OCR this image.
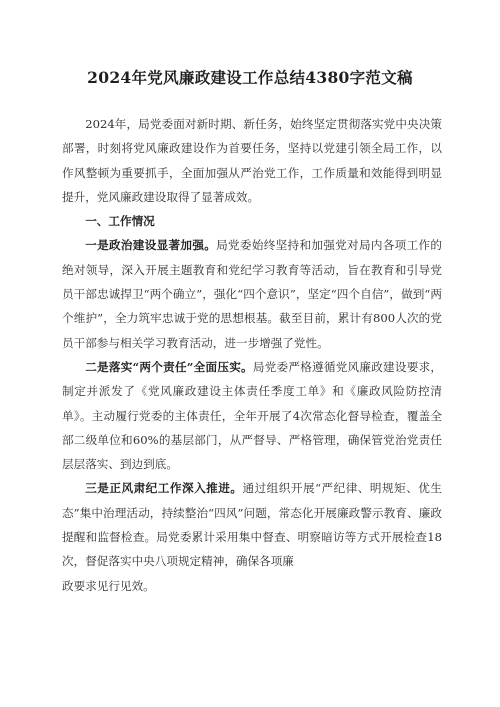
2024年党风廉政建设工作总结4380字范文稿

2024年，局党委面对新时期、新任务，始终坚定贯彻落实党中央决策部署，时刻将党风廉政建设作为首要任务，坚持以党建引领全局工作，以作风整顿为重要抓手，全面加强从严治党工作，工作质量和效能得到明显提升，党风廉政建设取得了显著成效。

一、工作情况

一是政治建设显著加强。局党委始终坚持和加强党对局内各项工作的绝对领导，深入开展主题教育和党纪学习教育等活动，旨在教育和引导党员干部忠诚捍卫“两个确立”，强化“四个意识”，坚定“四个自信”，做到“两个维护”，全力筑牢忠诚于党的思想根基。截至目前，累计有800人次的党员干部参与相关学习教育活动，进一步增强了党性。

二是落实“两个责任”全面压实。局党委严格遵循党风廉政建设要求，制定并派发了《党风廉政建设主体责任季度工单》和《廉政风险防控清单》。主动履行党委的主体责任，全年开展了4次常态化督导检查，覆盖全部二级单位和60%的基层部门，从严督导、严格管理，确保管党治党责任层层落实、到边到底。

三是正风肃纪工作深入推进。通过组织开展“严纪律、明规矩、优生态”集中治理活动，持续整治“四风”问题，常态化开展廉政警示教育、廉政提醒和监督检查。局党委累计采用集中督查、明察暗访等方式开展检查18次，督促落实中央八项规定精神，确保各项廉

政要求见行见效。
